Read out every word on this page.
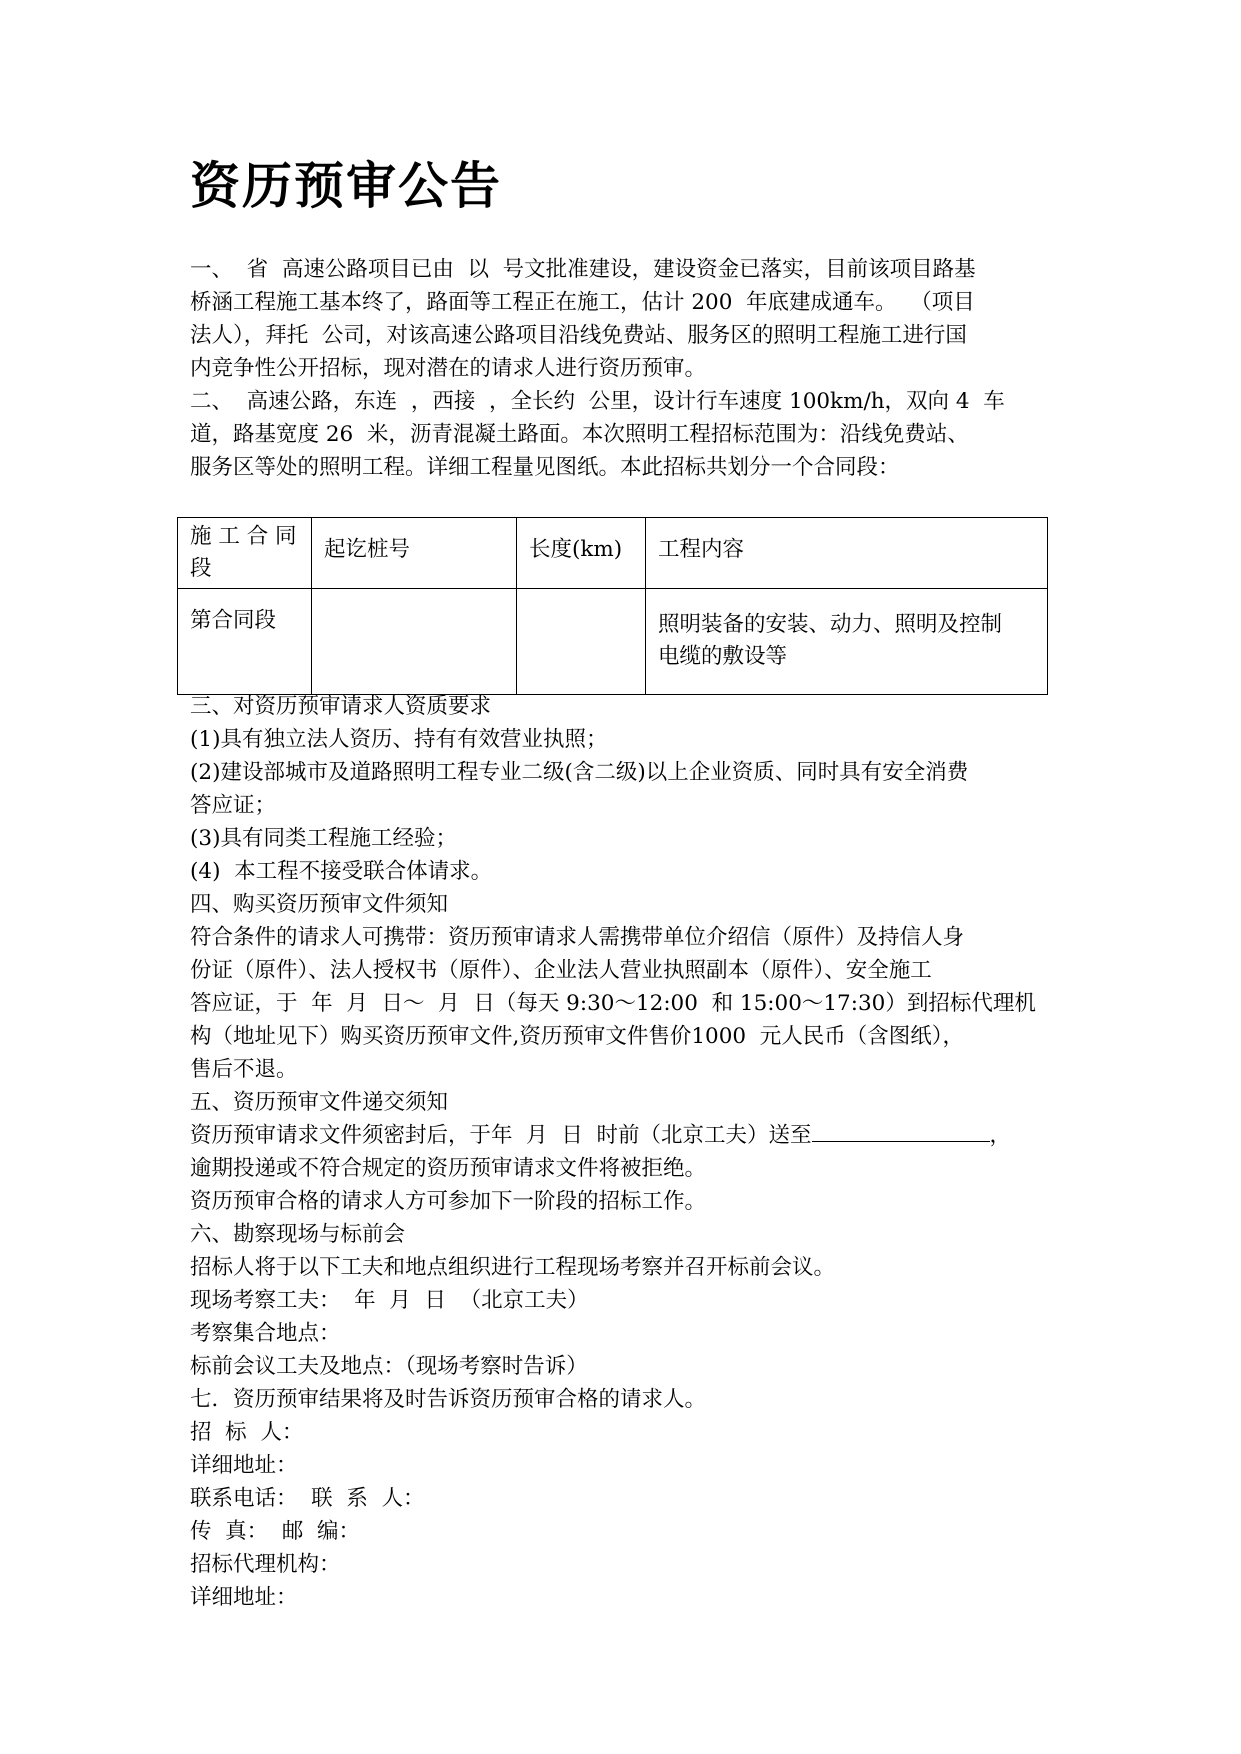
资历预审公告
一、  省  高速公路项目已由  以  号文批准建设，建设资金已落实，目前该项目路基
桥涵工程施工基本终了，路面等工程正在施工，估计 200  年底建成通车。  （项目
法人），拜托  公司，对该高速公路项目沿线免费站、服务区的照明工程施工进行国
内竞争性公开招标，现对潜在的请求人进行资历预审。
二、  高速公路，东连  ，西接  ，全长约  公里，设计行车速度 100km/h，双向 4  车
道，路基宽度 26  米，沥青混凝土路面。本次照明工程招标范围为：沿线免费站、
服务区等处的照明工程。详细工程量见图纸。本此招标共划分一个合同段：
施 工 合 同
段	起讫桩号	长度(km)	工程内容
第合同段			照明装备的安装、动力、照明及控制
电缆的敷设等
三、对资历预审请求人资质要求
(1)具有独立法人资历、持有有效营业执照；
(2)建设部城市及道路照明工程专业二级(含二级)以上企业资质、同时具有安全消费
答应证；
(3)具有同类工程施工经验；
(4)  本工程不接受联合体请求。
四、购买资历预审文件须知
符合条件的请求人可携带：资历预审请求人需携带单位介绍信（原件）及持信人身
份证（原件）、法人授权书（原件）、企业法人营业执照副本（原件）、安全施工
答应证，于  年  月  日～  月  日（每天 9:30～12:00  和 15:00～17:30）到招标代理机
构（地址见下）购买资历预审文件,资历预审文件售价1000  元人民币（含图纸），
售后不退。
五、资历预审文件递交须知
资历预审请求文件须密封后，于年  月  日  时前（北京工夫）送至	，
逾期投递或不符合规定的资历预审请求文件将被拒绝。
资历预审合格的请求人方可参加下一阶段的招标工作。
六、勘察现场与标前会
招标人将于以下工夫和地点组织进行工程现场考察并召开标前会议。
现场考察工夫：  年  月  日  （北京工夫）
考察集合地点：
标前会议工夫及地点：（现场考察时告诉）
七．资历预审结果将及时告诉资历预审合格的请求人。
招  标  人：
详细地址：
联系电话：  联  系  人：
传  真：  邮  编：
招标代理机构：
详细地址：
